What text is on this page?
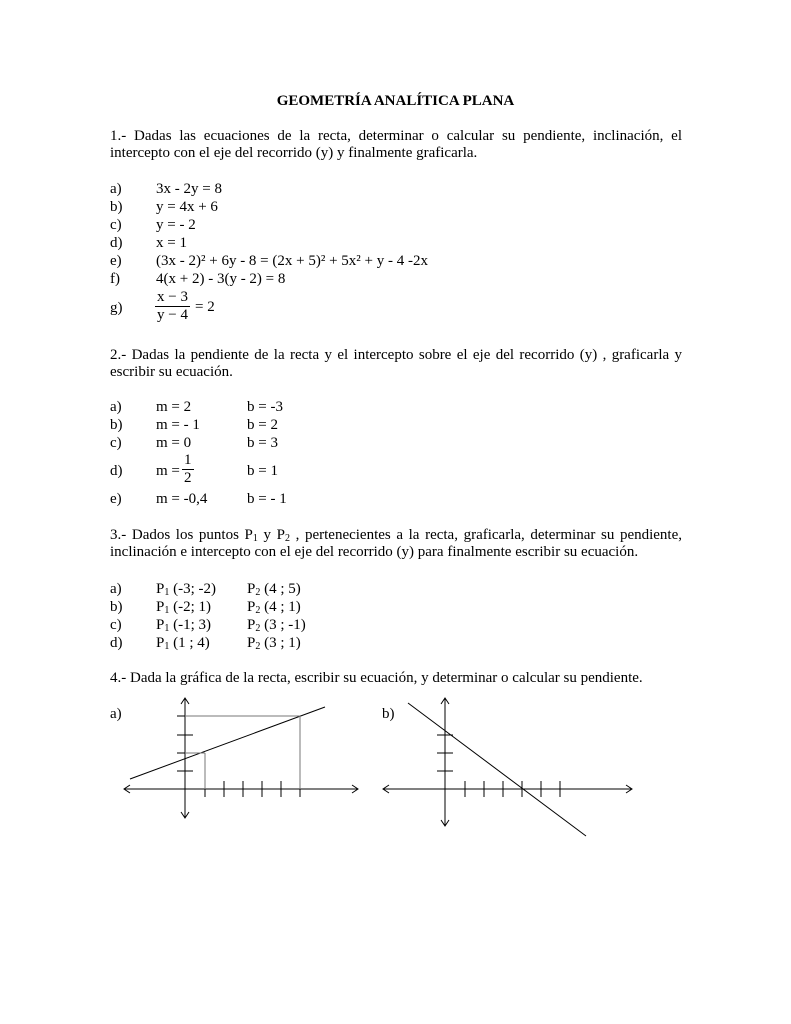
GEOMETRÍA ANALÍTICA PLANA
1.- Dadas las ecuaciones de la recta, determinar o calcular su pendiente, inclinación, el intercepto con el eje del recorrido (y) y finalmente graficarla.
a) 3x - 2y = 8
b) y = 4x + 6
c) y = - 2
d) x = 1
e) (3x - 2)² + 6y - 8 = (2x + 5)² + 5x² + y - 4 -2x
f) 4(x + 2) - 3(y - 2) = 8
$g) \frac{x - 3}{y - 4} = 2$
2.- Dadas la pendiente de la recta y el intercepto sobre el eje del recorrido (y) , graficarla y escribir su ecuación.
a) m = 2	b = -3
b) m = - 1	b = 2
c) m = 0	b = 3
d) $m = \frac{1}{2}$	b = 1
e) m = -0,4	b = - 1
3.- Dados los puntos $P_1$ y $P_2$ , pertenecientes a la recta, graficarla, determinar su pendiente, inclinación e intercepto con el eje del recorrido (y) para finalmente escribir su ecuación.
a) $P_1$ (-3; -2) $P_2$ (4 ; 5)
b) $P_1$ (-2; 1) $P_2$ (4 ; 1)
c) $P_1$ (-1; 3) $P_2$ (3 ; -1)
d) $P_1$ (1 ; 4) $P_2$ (3 ; 1)
4.- Dada la gráfica de la recta, escribir su ecuación, y determinar o calcular su pendiente.
a)	b)
